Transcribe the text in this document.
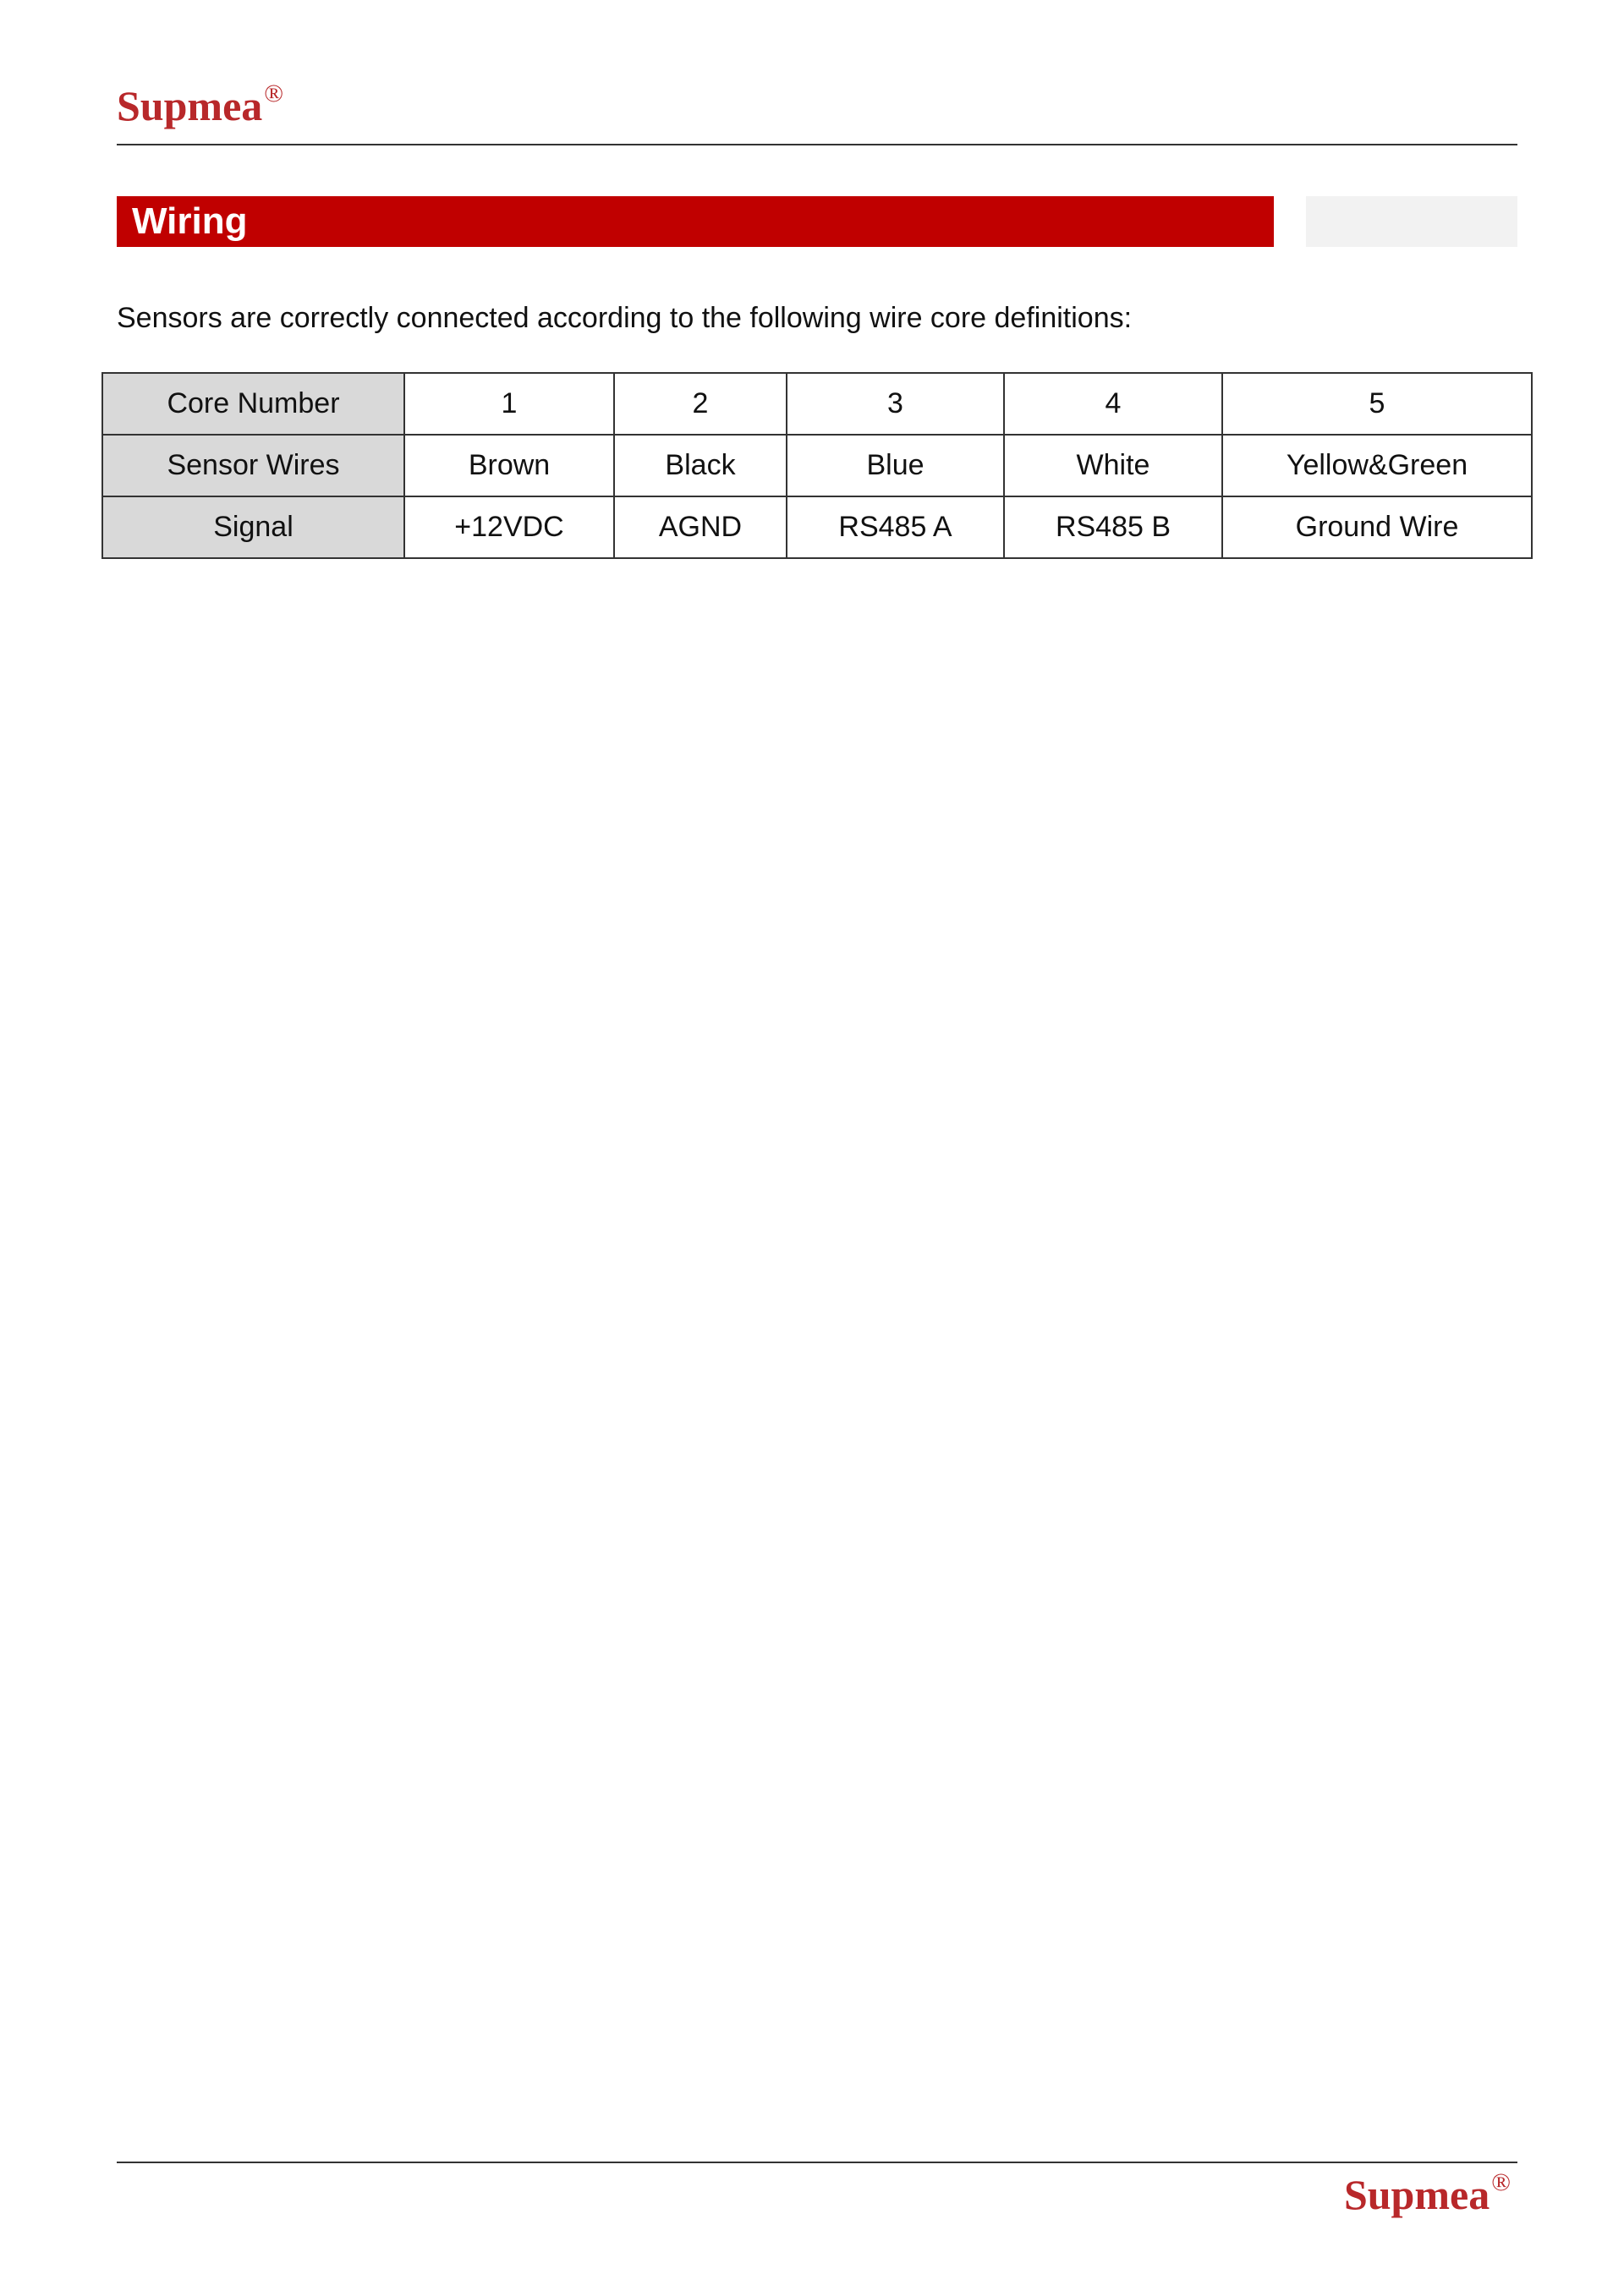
Supmea®
Wiring
Sensors are correctly connected according to the following wire core definitions:
Core Number	1	2	3	4	5
Sensor Wires	Brown	Black	Blue	White	Yellow&Green
Signal	+12VDC	AGND	RS485 A	RS485 B	Ground Wire
Supmea®
